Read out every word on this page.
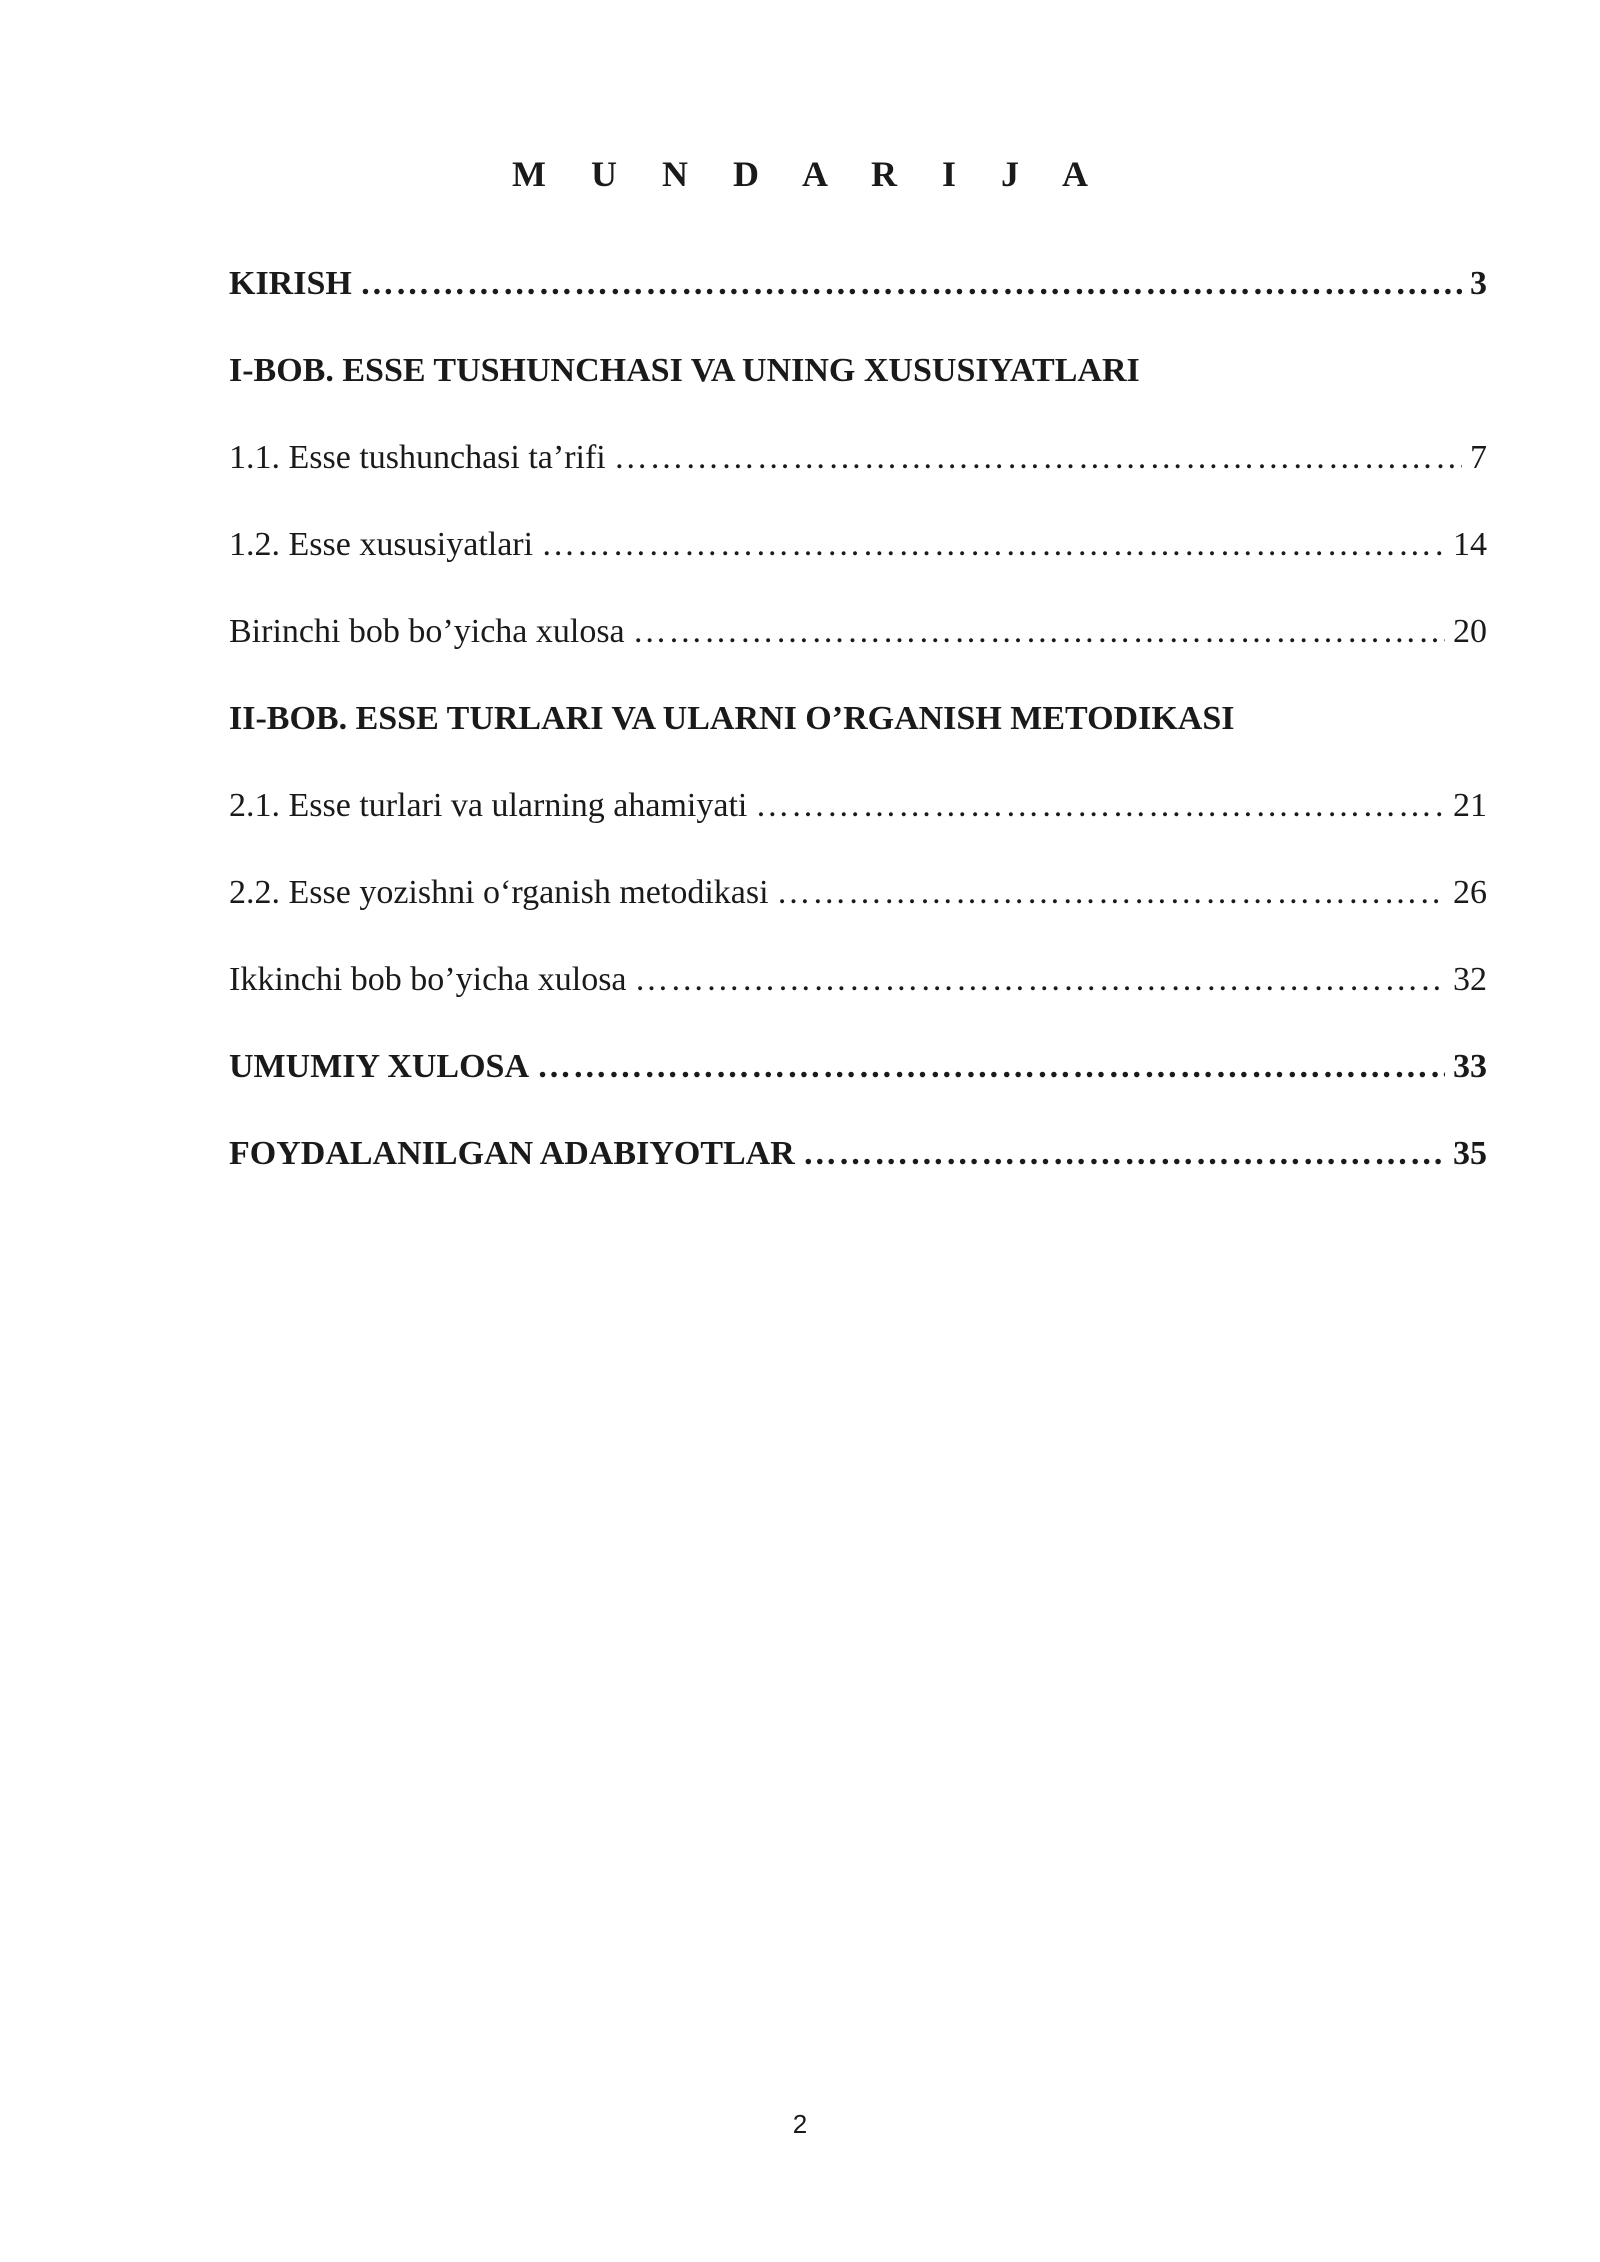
M U N D A R I J A
KIRISH ………………………………………………………………………………………………………………………………………………………………………………………	3
I-BOB. ESSE TUSHUNCHASI VA UNING XUSUSIYATLARI
1.1. Esse tushunchasi ta’rifi ………………………………………………………………………………………………………………………………………………………………………………………	7
1.2. Esse xususiyatlari ………………………………………………………………………………………………………………………………………………………………………………………	14
Birinchi bob bo’yicha xulosa ………………………………………………………………………………………………………………………………………………………………………………………	20
II-BOB. ESSE TURLARI VA ULARNI O’RGANISH METODIKASI
2.1. Esse turlari va ularning ahamiyati ………………………………………………………………………………………………………………………………………………………………………………………	21
2.2. Esse yozishni o‘rganish metodikasi ………………………………………………………………………………………………………………………………………………………………………………………	26
Ikkinchi bob bo’yicha xulosa ………………………………………………………………………………………………………………………………………………………………………………………	32
UMUMIY XULOSA ………………………………………………………………………………………………………………………………………………………………………………………	33
FOYDALANILGAN ADABIYOTLAR ………………………………………………………………………………………………………………………………………………………………………………………	35

2
